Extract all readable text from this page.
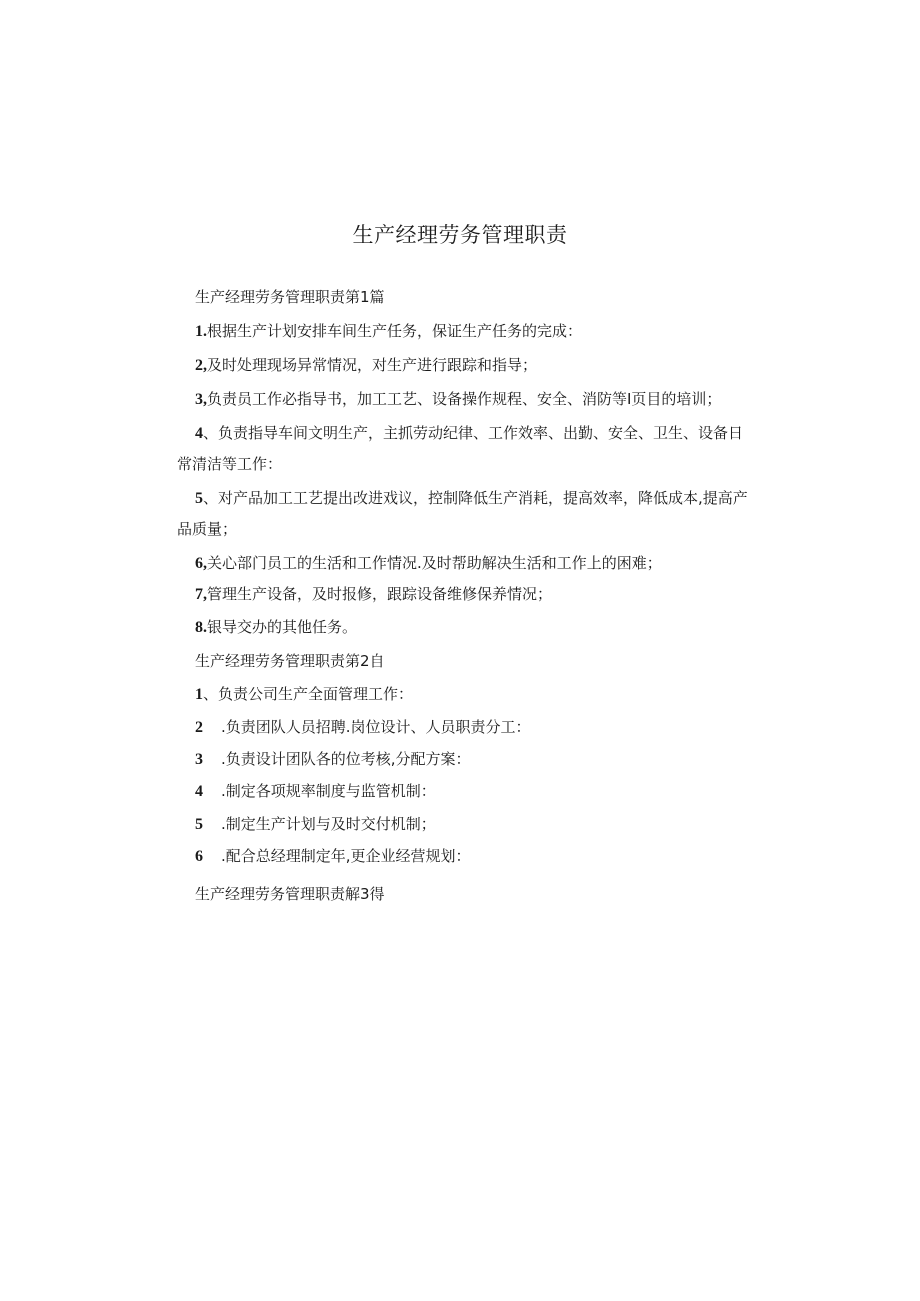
生产经理劳务管理职责
生产经理劳务管理职责第1篇
1.根据生产计划安排车间生产任务，保证生产任务的完成：
2,及时处理现场异常情况，对生产进行跟踪和指导；
3,负责员工作必指导书，加工工艺、设备操作规程、安全、消防等I页目的培训；
4、负责指导车间文明生产，主抓劳动纪律、工作效率、出勤、安全、卫生、设备日
常清洁等工作：
5、对产品加工工艺提出改进戏议，控制降低生产消耗，提高效率，降低成本,提高产
品质量；
6,关心部门员工的生活和工作情况.及时帮助解决生活和工作上的困难；
7,管理生产设备，及时报修，跟踪设备维修保养情况；
8.银导交办的其他任务。
生产经理劳务管理职责第2自
1、负责公司生产全面管理工作：
2 .负责团队人员招聘.岗位设计、人员职责分工：
3 .负责设计团队各的位考核,分配方案：
4 .制定各项规率制度与监管机制：
5 .制定生产计划与及时交付机制；
6 .配合总经理制定年,更企业经营规划：
生产经理劳务管理职责解3得
